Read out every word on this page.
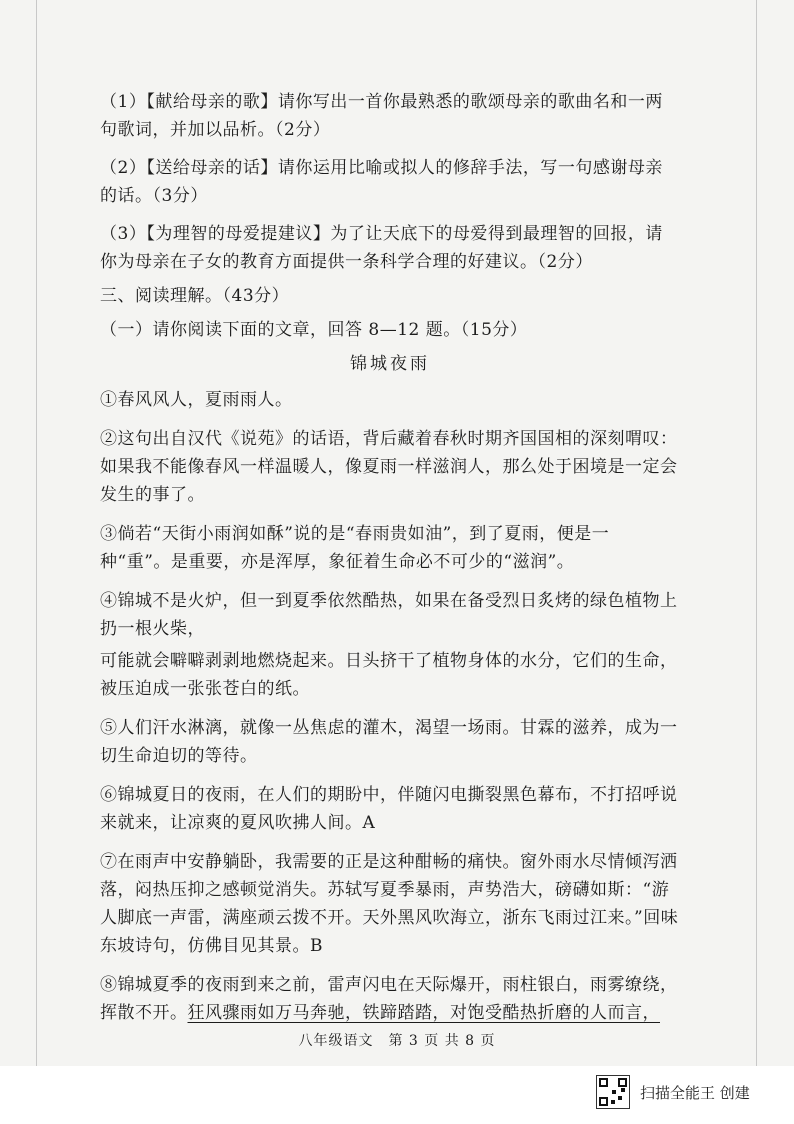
（1）【献给母亲的歌】请你写出一首你最熟悉的歌颂母亲的歌曲名和一两句歌词，并加以品析。（2分）

（2）【送给母亲的话】请你运用比喻或拟人的修辞手法，写一句感谢母亲的话。（3分）

（3）【为理智的母爱提建议】为了让天底下的母爱得到最理智的回报，请你为母亲在子女的教育方面提供一条科学合理的好建议。（2分）

三、阅读理解。（43分）

（一）请你阅读下面的文章，回答 8—12 题。（15分）

锦城夜雨

①春风风人，夏雨雨人。

②这句出自汉代《说苑》的话语，背后藏着春秋时期齐国国相的深刻喟叹：如果我不能像春风一样温暖人，像夏雨一样滋润人，那么处于困境是一定会发生的事了。

③倘若“天街小雨润如酥”说的是“春雨贵如油”，到了夏雨，便是一种“重”。是重要，亦是浑厚，象征着生命必不可少的“滋润”。

④锦城不是火炉，但一到夏季依然酷热，如果在备受烈日炙烤的绿色植物上扔一根火柴，

可能就会噼噼剥剥地燃烧起来。日头挤干了植物身体的水分，它们的生命，被压迫成一张张苍白的纸。

⑤人们汗水淋漓，就像一丛焦虑的灌木，渴望一场雨。甘霖的滋养，成为一切生命迫切的等待。

⑥锦城夏日的夜雨，在人们的期盼中，伴随闪电撕裂黑色幕布，不打招呼说来就来，让凉爽的夏风吹拂人间。A

⑦在雨声中安静躺卧，我需要的正是这种酣畅的痛快。窗外雨水尽情倾泻洒落，闷热压抑之感顿觉消失。苏轼写夏季暴雨，声势浩大，磅礴如斯：“游人脚底一声雷，满座顽云拨不开。天外黑风吹海立，浙东飞雨过江来。”回味东坡诗句，仿佛目见其景。B

⑧锦城夏季的夜雨到来之前，雷声闪电在天际爆开，雨柱银白，雨雾缭绕，挥散不开。狂风骤雨如万马奔驰，铁蹄踏踏，对饱受酷热折磨的人而言，

八年级语文　第 3 页 共 8 页
扫描全能王 创建
